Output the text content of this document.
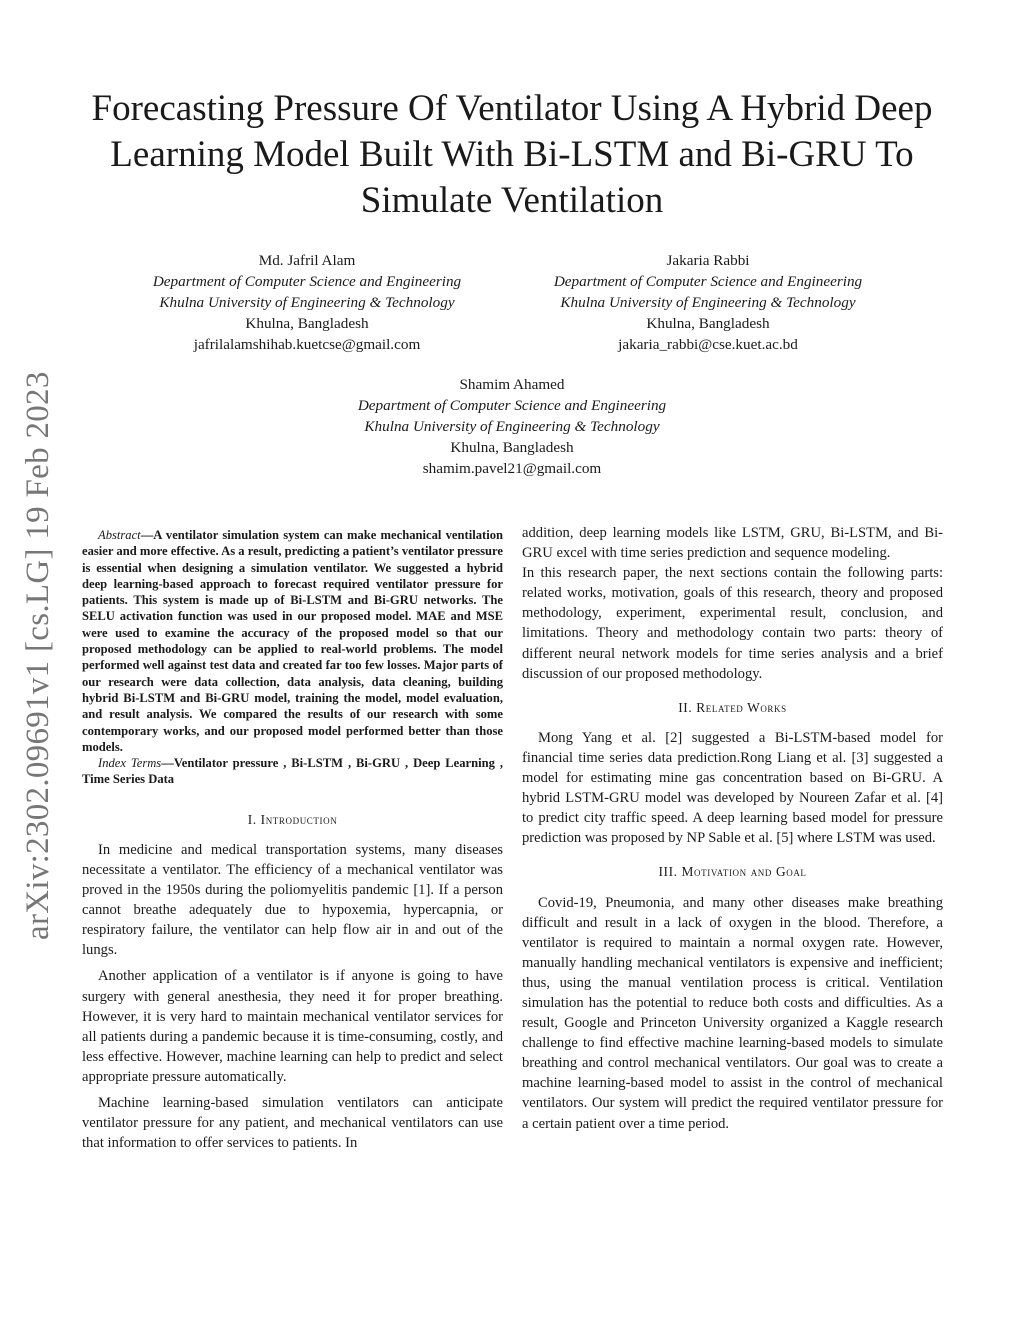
Forecasting Pressure Of Ventilator Using A Hybrid Deep Learning Model Built With Bi-LSTM and Bi-GRU To Simulate Ventilation
Md. Jafril Alam
Department of Computer Science and Engineering
Khulna University of Engineering & Technology
Khulna, Bangladesh
jafrilalamshihab.kuetcse@gmail.com
Jakaria Rabbi
Department of Computer Science and Engineering
Khulna University of Engineering & Technology
Khulna, Bangladesh
jakaria_rabbi@cse.kuet.ac.bd
Shamim Ahamed
Department of Computer Science and Engineering
Khulna University of Engineering & Technology
Khulna, Bangladesh
shamim.pavel21@gmail.com
arXiv:2302.09691v1 [cs.LG] 19 Feb 2023	Abstract—A ventilator simulation system can make mechanical ventilation easier and more effective. As a result, predicting a patient’s ventilator pressure is essential when designing a simulation ventilator. We suggested a hybrid deep learning-based approach to forecast required ventilator pressure for patients. This system is made up of Bi-LSTM and Bi-GRU networks. The SELU activation function was used in our proposed model. MAE and MSE were used to examine the accuracy of the proposed model so that our proposed methodology can be applied to real-world problems. The model performed well against test data and created far too few losses. Major parts of our research were data collection, data analysis, data cleaning, building hybrid Bi-LSTM and Bi-GRU model, training the model, model evaluation, and result analysis. We compared the results of our research with some contemporary works, and our proposed model performed better than those models.

Index Terms—Ventilator pressure , Bi-LSTM , Bi-GRU , Deep Learning , Time Series Data

I. Introduction

In medicine and medical transportation systems, many diseases necessitate a ventilator. The efficiency of a mechanical ventilator was proved in the 1950s during the poliomyelitis pandemic [1]. If a person cannot breathe adequately due to hypoxemia, hypercapnia, or respiratory failure, the ventilator can help flow air in and out of the lungs.

Another application of a ventilator is if anyone is going to have surgery with general anesthesia, they need it for proper breathing. However, it is very hard to maintain mechanical ventilator services for all patients during a pandemic because it is time-consuming, costly, and less effective. However, machine learning can help to predict and select appropriate pressure automatically.

Machine learning-based simulation ventilators can anticipate ventilator pressure for any patient, and mechanical ventilators can use that information to offer services to patients. In

addition, deep learning models like LSTM, GRU, Bi-LSTM, and Bi-GRU excel with time series prediction and sequence modeling.

In this research paper, the next sections contain the following parts: related works, motivation, goals of this research, theory and proposed methodology, experiment, experimental result, conclusion, and limitations. Theory and methodology contain two parts: theory of different neural network models for time series analysis and a brief discussion of our proposed methodology.

II. Related Works

Mong Yang et al. [2] suggested a Bi-LSTM-based model for financial time series data prediction.Rong Liang et al. [3] suggested a model for estimating mine gas concentration based on Bi-GRU. A hybrid LSTM-GRU model was developed by Noureen Zafar et al. [4] to predict city traffic speed. A deep learning based model for pressure prediction was proposed by NP Sable et al. [5] where LSTM was used.

III. Motivation and Goal

Covid-19, Pneumonia, and many other diseases make breathing difficult and result in a lack of oxygen in the blood. Therefore, a ventilator is required to maintain a normal oxygen rate. However, manually handling mechanical ventilators is expensive and inefficient; thus, using the manual ventilation process is critical. Ventilation simulation has the potential to reduce both costs and difficulties. As a result, Google and Princeton University organized a Kaggle research challenge to find effective machine learning-based models to simulate breathing and control mechanical ventilators. Our goal was to create a machine learning-based model to assist in the control of mechanical ventilators. Our system will predict the required ventilator pressure for a certain patient over a time period.
